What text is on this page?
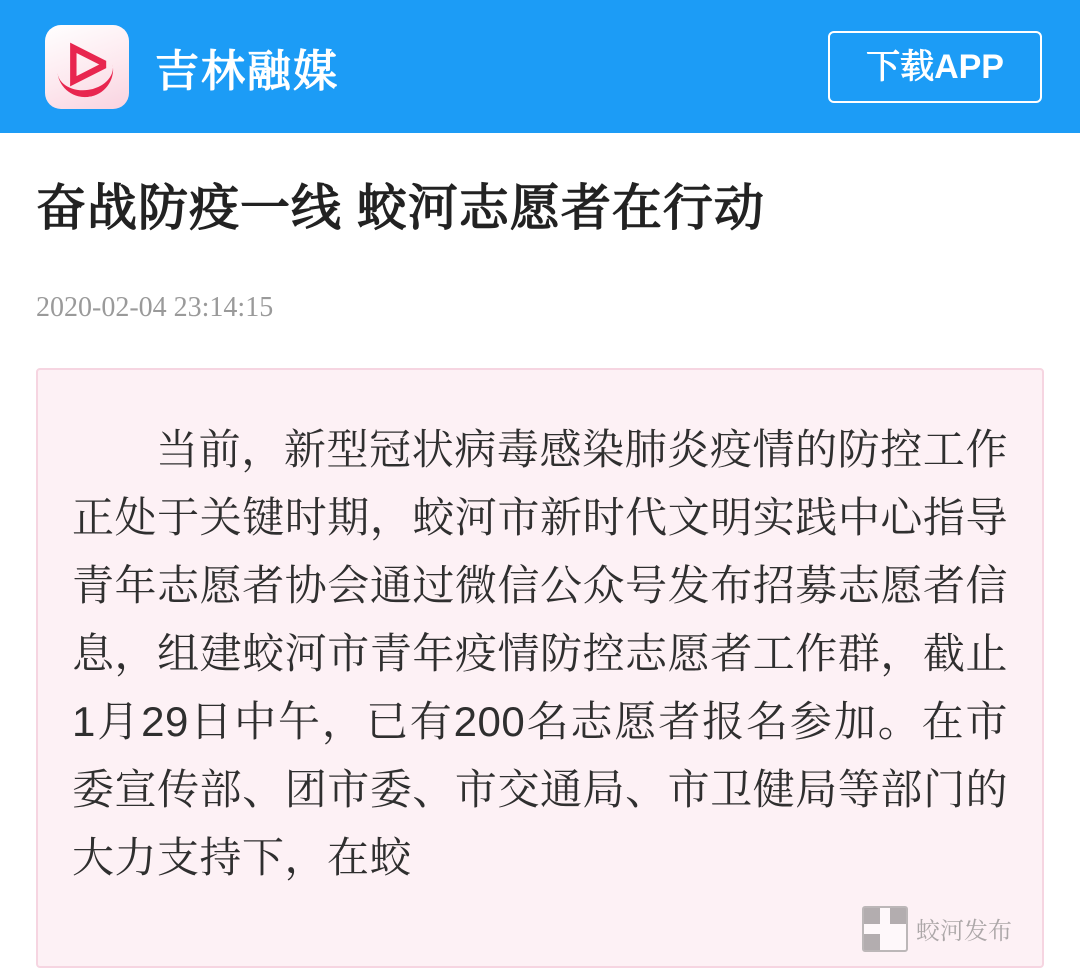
ᐅ	吉林融媒	下载APP
奋战防疫一线 蛟河志愿者在行动
2020-02-04 23:14:15

当前，新型冠状病毒感染肺炎疫情的防控工作正处于关键时期，蛟河市新时代文明实践中心指导青年志愿者协会通过微信公众号发布招募志愿者信息，组建蛟河市青年疫情防控志愿者工作群，截止1月29日中午，已有200名志愿者报名参加。在市委宣传部、团市委、市交通局、市卫健局等部门的大力支持下，在蛟

蛟河发布
